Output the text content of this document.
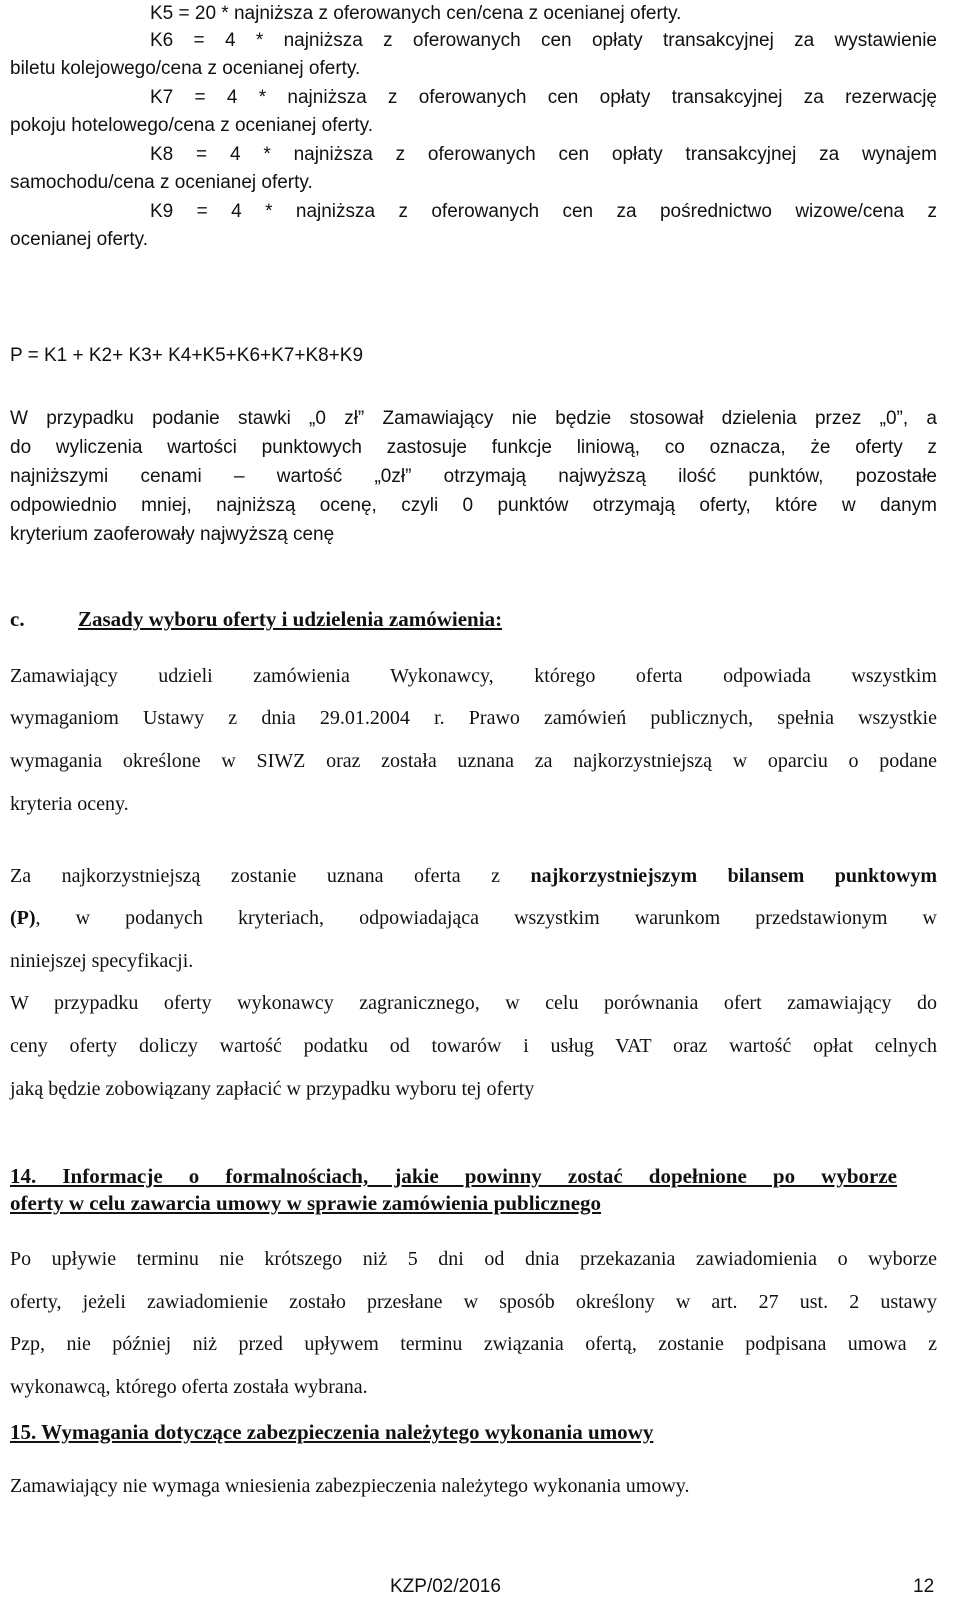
K5 = 20 * najniższa z oferowanych cen/cena z ocenianej oferty.
K6 = 4 * najniższa z oferowanych cen opłaty transakcyjnej za wystawienie
biletu kolejowego/cena z ocenianej oferty.
K7 = 4 * najniższa z oferowanych cen opłaty transakcyjnej za rezerwację
pokoju hotelowego/cena z ocenianej oferty.
K8 = 4 * najniższa z oferowanych cen opłaty transakcyjnej za wynajem
samochodu/cena z ocenianej oferty.
K9 = 4 * najniższa z oferowanych cen za pośrednictwo wizowe/cena z
ocenianej oferty.
P = K1 + K2+ K3+ K4+K5+K6+K7+K8+K9
W przypadku podanie stawki „0 zł” Zamawiający nie będzie stosował dzielenia przez „0”, a
do wyliczenia wartości punktowych zastosuje funkcje liniową, co oznacza, że oferty z
najniższymi cenami – wartość „0zł” otrzymają najwyższą ilość punktów, pozostałe
odpowiednio mniej, najniższą ocenę, czyli 0 punktów otrzymają oferty, które w danym
kryterium zaoferowały najwyższą cenę
c.	Zasady wyboru oferty i udzielenia zamówienia:
Zamawiający udzieli zamówienia Wykonawcy, którego oferta odpowiada wszystkim
wymaganiom Ustawy z dnia 29.01.2004 r. Prawo zamówień publicznych, spełnia wszystkie
wymagania określone w SIWZ oraz została uznana za najkorzystniejszą w oparciu o podane
kryteria oceny.
Za najkorzystniejszą zostanie uznana oferta z najkorzystniejszym bilansem punktowym
(P), w podanych kryteriach, odpowiadająca wszystkim warunkom przedstawionym w
niniejszej specyfikacji.
W przypadku oferty wykonawcy zagranicznego, w celu porównania ofert zamawiający do
ceny oferty doliczy wartość podatku od towarów i usług VAT oraz wartość opłat celnych
jaką będzie zobowiązany zapłacić w przypadku wyboru tej oferty
14. Informacje o formalnościach, jakie powinny zostać dopełnione po wyborze
oferty w celu zawarcia umowy w sprawie zamówienia publicznego
Po upływie terminu nie krótszego niż 5 dni od dnia przekazania zawiadomienia o wyborze
oferty, jeżeli zawiadomienie zostało przesłane w sposób określony w art. 27 ust. 2 ustawy
Pzp, nie później niż przed upływem terminu związania ofertą, zostanie podpisana umowa z
wykonawcą, którego oferta została wybrana.
15. Wymagania dotyczące zabezpieczenia należytego wykonania umowy
Zamawiający nie wymaga wniesienia zabezpieczenia należytego wykonania umowy.
KZP/02/2016	12
